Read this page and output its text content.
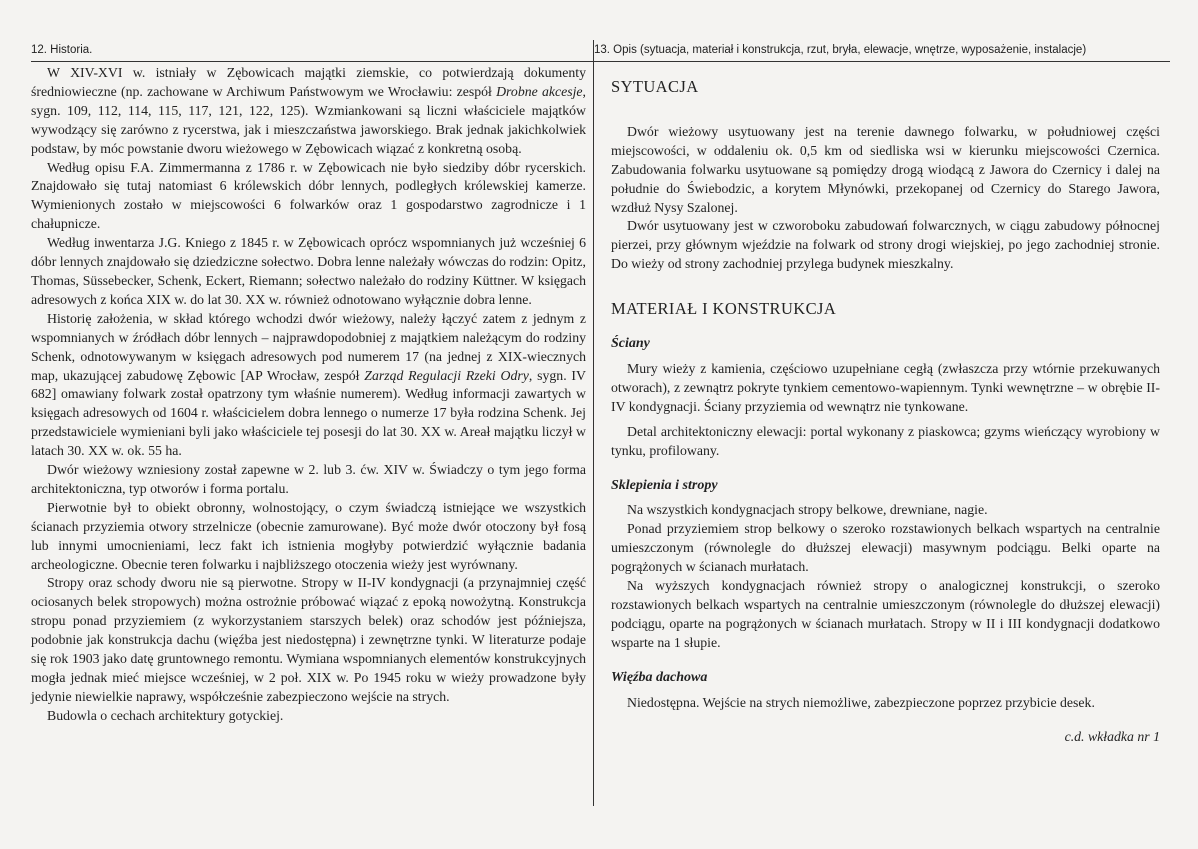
12. Historia.	13. Opis (sytuacja, materiał i konstrukcja, rzut, bryła, elewacje, wnętrze, wyposażenie, instalacje)

W XIV-XVI w. istniały w Zębowicach majątki ziemskie, co potwierdzają dokumenty średniowieczne (np. zachowane w Archiwum Państwowym we Wrocławiu: zespół Drobne akcesje, sygn. 109, 112, 114, 115, 117, 121, 122, 125). Wzmiankowani są liczni właściciele majątków wywodzący się zarówno z rycerstwa, jak i mieszczaństwa jaworskiego. Brak jednak jakichkolwiek podstaw, by móc powstanie dworu wieżowego w Zębowicach wiązać z konkretną osobą.

Według opisu F.A. Zimmermanna z 1786 r. w Zębowicach nie było siedziby dóbr rycerskich. Znajdowało się tutaj natomiast 6 królewskich dóbr lennych, podległych królewskiej kamerze. Wymienionych zostało w miejscowości 6 folwarków oraz 1 gospodarstwo zagrodnicze i 1 chałupnicze.

Według inwentarza J.G. Kniego z 1845 r. w Zębowicach oprócz wspomnianych już wcześniej 6 dóbr lennych znajdowało się dziedziczne sołectwo. Dobra lenne należały wówczas do rodzin: Opitz, Thomas, Süssebecker, Schenk, Eckert, Riemann; sołectwo należało do rodziny Küttner. W księgach adresowych z końca XIX w. do lat 30. XX w. również odnotowano wyłącznie dobra lenne.

Historię założenia, w skład którego wchodzi dwór wieżowy, należy łączyć zatem z jednym z wspomnianych w źródłach dóbr lennych – najprawdopodobniej z majątkiem należącym do rodziny Schenk, odnotowywanym w księgach adresowych pod numerem 17 (na jednej z XIX-wiecznych map, ukazującej zabudowę Zębowic [AP Wrocław, zespół Zarząd Regulacji Rzeki Odry, sygn. IV 682] omawiany folwark został opatrzony tym właśnie numerem). Według informacji zawartych w księgach adresowych od 1604 r. właścicielem dobra lennego o numerze 17 była rodzina Schenk. Jej przedstawiciele wymieniani byli jako właściciele tej posesji do lat 30. XX w. Areał majątku liczył w latach 30. XX w. ok. 55 ha.

Dwór wieżowy wzniesiony został zapewne w 2. lub 3. ćw. XIV w. Świadczy o tym jego forma architektoniczna, typ otworów i forma portalu.

Pierwotnie był to obiekt obronny, wolnostojący, o czym świadczą istniejące we wszystkich ścianach przyziemia otwory strzelnicze (obecnie zamurowane). Być może dwór otoczony był fosą lub innymi umocnieniami, lecz fakt ich istnienia mogłyby potwierdzić wyłącznie badania archeologiczne. Obecnie teren folwarku i najbliższego otoczenia wieży jest wyrównany.

Stropy oraz schody dworu nie są pierwotne. Stropy w II-IV kondygnacji (a przynajmniej część ociosanych belek stropowych) można ostrożnie próbować wiązać z epoką nowożytną. Konstrukcja stropu ponad przyziemiem (z wykorzystaniem starszych belek) oraz schodów jest późniejsza, podobnie jak konstrukcja dachu (więźba jest niedostępna) i zewnętrzne tynki. W literaturze podaje się rok 1903 jako datę gruntownego remontu. Wymiana wspomnianych elementów konstrukcyjnych mogła jednak mieć miejsce wcześniej, w 2 poł. XIX w. Po 1945 roku w wieży prowadzone były jedynie niewielkie naprawy, współcześnie zabezpieczono wejście na strych.

Budowla o cechach architektury gotyckiej.

SYTUACJA

Dwór wieżowy usytuowany jest na terenie dawnego folwarku, w południowej części miejscowości, w oddaleniu ok. 0,5 km od siedliska wsi w kierunku miejscowości Czernica. Zabudowania folwarku usytuowane są pomiędzy drogą wiodącą z Jawora do Czernicy i dalej na południe do Świebodzic, a korytem Młynówki, przekopanej od Czernicy do Starego Jawora, wzdłuż Nysy Szalonej.

Dwór usytuowany jest w czworoboku zabudowań folwarcznych, w ciągu zabudowy północnej pierzei, przy głównym wjeździe na folwark od strony drogi wiejskiej, po jego zachodniej stronie. Do wieży od strony zachodniej przylega budynek mieszkalny.

MATERIAŁ I KONSTRUKCJA
Ściany

Mury wieży z kamienia, częściowo uzupełniane cegłą (zwłaszcza przy wtórnie przekuwanych otworach), z zewnątrz pokryte tynkiem cementowo-wapiennym. Tynki wewnętrzne – w obrębie II-IV kondygnacji. Ściany przyziemia od wewnątrz nie tynkowane.

Detal architektoniczny elewacji: portal wykonany z piaskowca; gzyms wieńczący wyrobiony w tynku, profilowany.

Sklepienia i stropy

Na wszystkich kondygnacjach stropy belkowe, drewniane, nagie.

Ponad przyziemiem strop belkowy o szeroko rozstawionych belkach wspartych na centralnie umieszczonym (równolegle do dłuższej elewacji) masywnym podciągu. Belki oparte na pogrążonych w ścianach murłatach.

Na wyższych kondygnacjach również stropy o analogicznej konstrukcji, o szeroko rozstawionych belkach wspartych na centralnie umieszczonym (równolegle do dłuższej elewacji) podciągu, oparte na pogrążonych w ścianach murłatach. Stropy w II i III kondygnacji dodatkowo wsparte na 1 słupie.

Więźba dachowa

Niedostępna. Wejście na strych niemożliwe, zabezpieczone poprzez przybicie desek.

c.d. wkładka nr 1
